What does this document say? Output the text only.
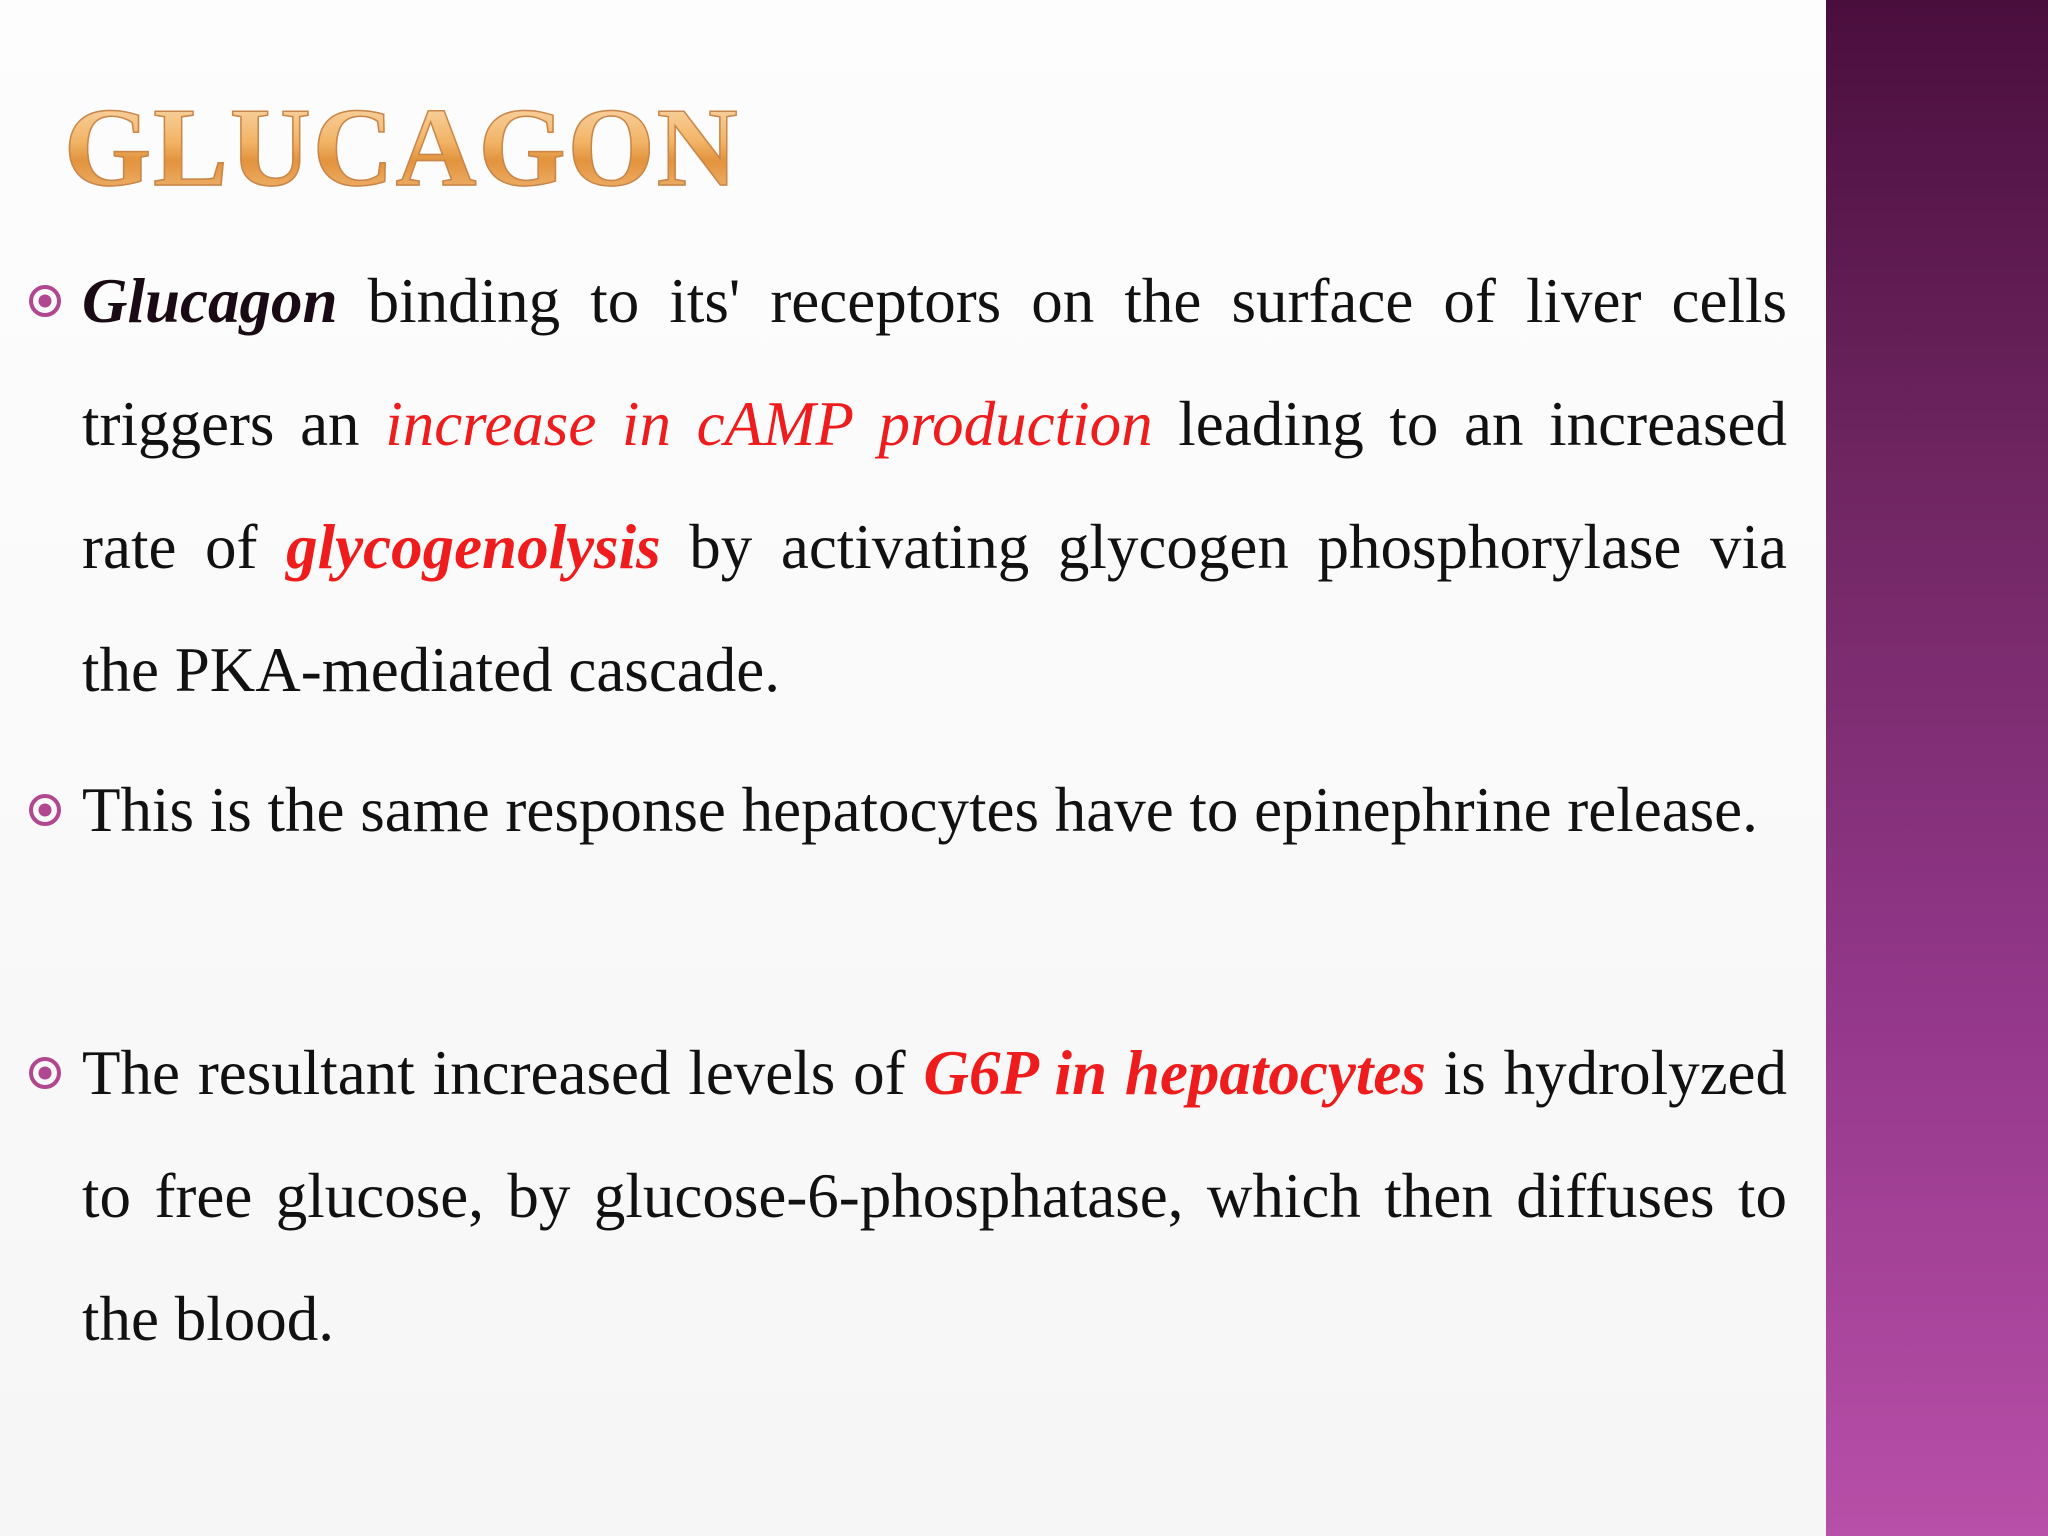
GLUCAGON

Glucagon binding to its' receptors on the surface of liver cells triggers an increase in cAMP production leading to an increased rate of glycogenolysis by activating glycogen phosphorylase via the PKA-mediated cascade.

This is the same response hepatocytes have to epinephrine release.

The resultant increased levels of G6P in hepatocytes is hydrolyzed to free glucose, by glucose-6-phosphatase, which then diffuses to the blood.
